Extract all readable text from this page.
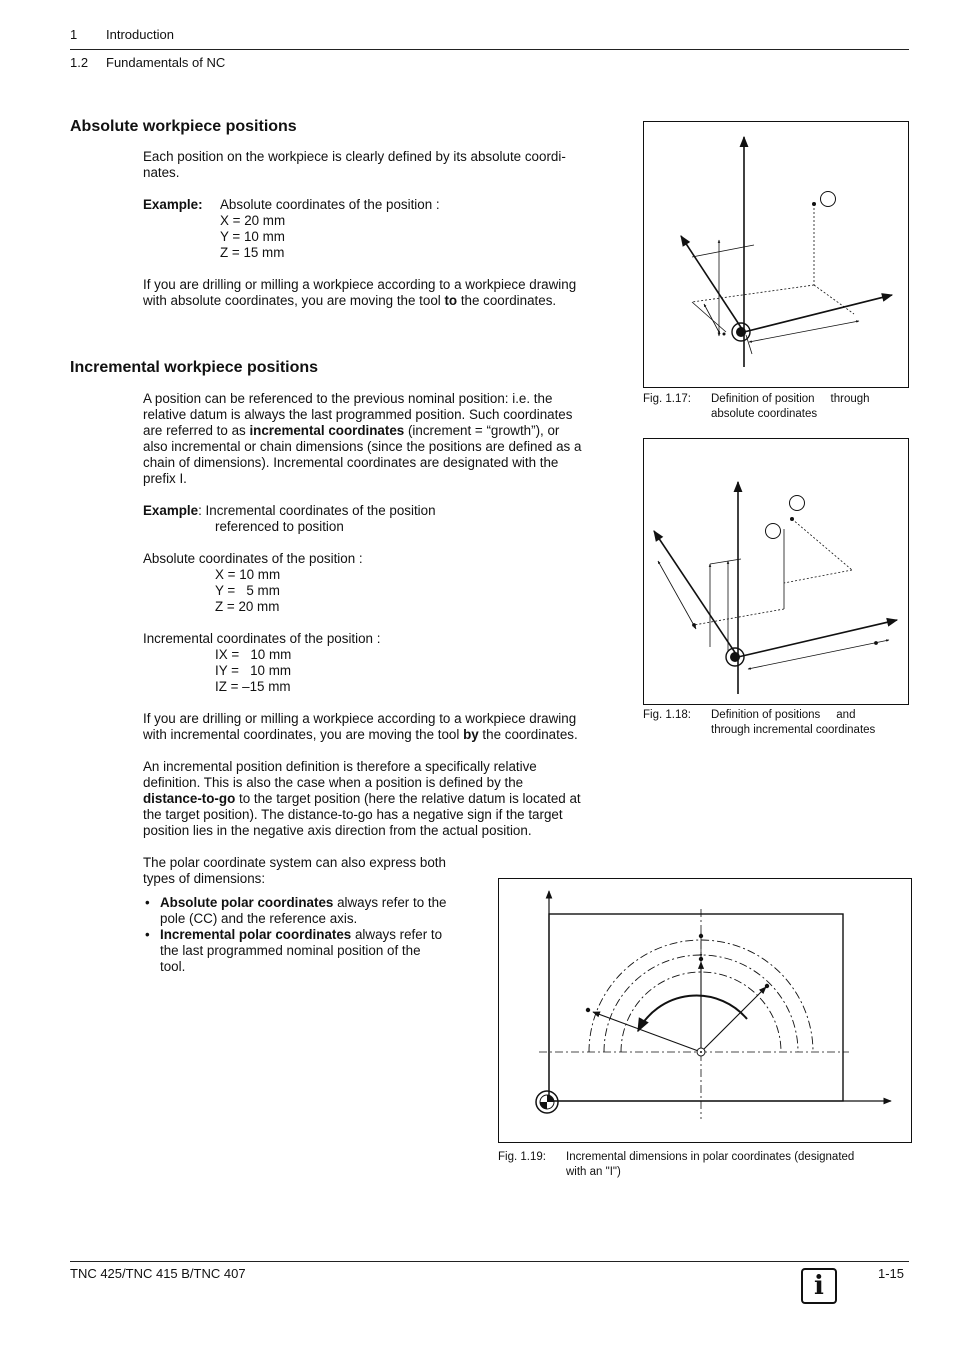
1 Introduction
1.2 Fundamentals of NC
Absolute workpiece positions
Each position on the workpiece is clearly defined by its absolute coordi-
nates.
Example: Absolute coordinates of the position :
X = 20 mm
Y = 10 mm
Z = 15 mm
If you are drilling or milling a workpiece according to a workpiece drawing
with absolute coordinates, you are moving the tool to the coordinates.
Incremental workpiece positions
A position can be referenced to the previous nominal position: i.e. the
relative datum is always the last programmed position. Such coordinates
are referred to as incremental coordinates (increment = “growth”), or
also incremental or chain dimensions (since the positions are defined as a
chain of dimensions). Incremental coordinates are designated with the
prefix I.
Example: Incremental coordinates of the position
referenced to position
Absolute coordinates of the position :
X = 10 mm
Y =   5 mm
Z = 20 mm
Incremental coordinates of the position :
IX =   10 mm
IY =   10 mm
IZ = –15 mm
If you are drilling or milling a workpiece according to a workpiece drawing
with incremental coordinates, you are moving the tool by the coordinates.
An incremental position definition is therefore a specifically relative
definition. This is also the case when a position is defined by the
distance-to-go to the target position (here the relative datum is located at
the target position). The distance-to-go has a negative sign if the target
position lies in the negative axis direction from the actual position.
The polar coordinate system can also express both
types of dimensions:
• Absolute polar coordinates always refer to the
pole (CC) and the reference axis.
• Incremental polar coordinates always refer to
the last programmed nominal position of the
tool.
Fig. 1.17: Definition of position     through
absolute coordinates
Fig. 1.18: Definition of positions     and
through incremental coordinates
Fig. 1.19: Incremental dimensions in polar coordinates (designated
with an "I")
TNC 425/TNC 415 B/TNC 407	1-15
i
